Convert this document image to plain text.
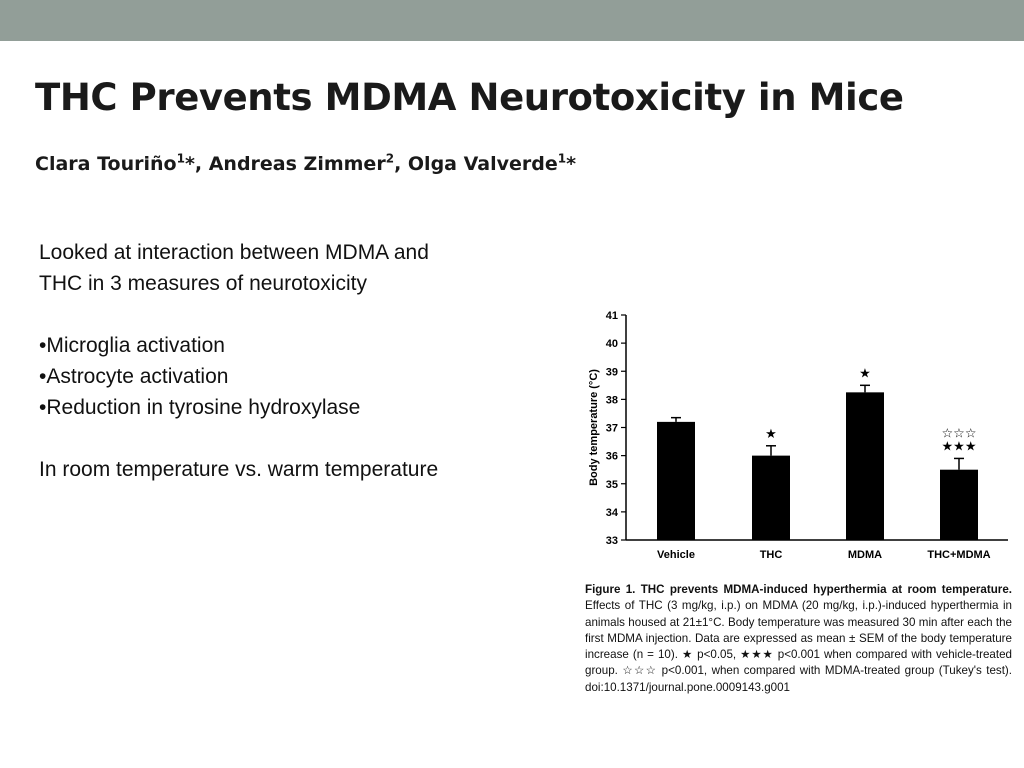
THC Prevents MDMA Neurotoxicity in Mice
Clara Touriño$^1$*, Andreas Zimmer$^2$, Olga Valverde$^1$*

Looked at interaction between MDMA and

THC in 3 measures of neurotoxicity

•Microglia activation

•Astrocyte activation

•Reduction in tyrosine hydroxylase

In room temperature vs. warm temperature

33
34
35
36
37
38
39
40
41
Body temperature (°C)
Vehicle	THC
★
MDMA
★
THC+MDMA
☆☆☆
★★★
Figure 1. THC prevents MDMA-induced hyperthermia at room temperature. Effects of THC (3 mg/kg, i.p.) on MDMA (20 mg/kg, i.p.)-induced hyperthermia in animals housed at 21±1°C. Body temperature was measured 30 min after each the first MDMA injection. Data are expressed as mean ± SEM of the body temperature increase (n = 10). ★ p<0.05, ★★★ p<0.001 when compared with vehicle-treated group. ☆☆☆ p<0.001, when compared with MDMA-treated group (Tukey's test). doi:10.1371/journal.pone.0009143.g001
